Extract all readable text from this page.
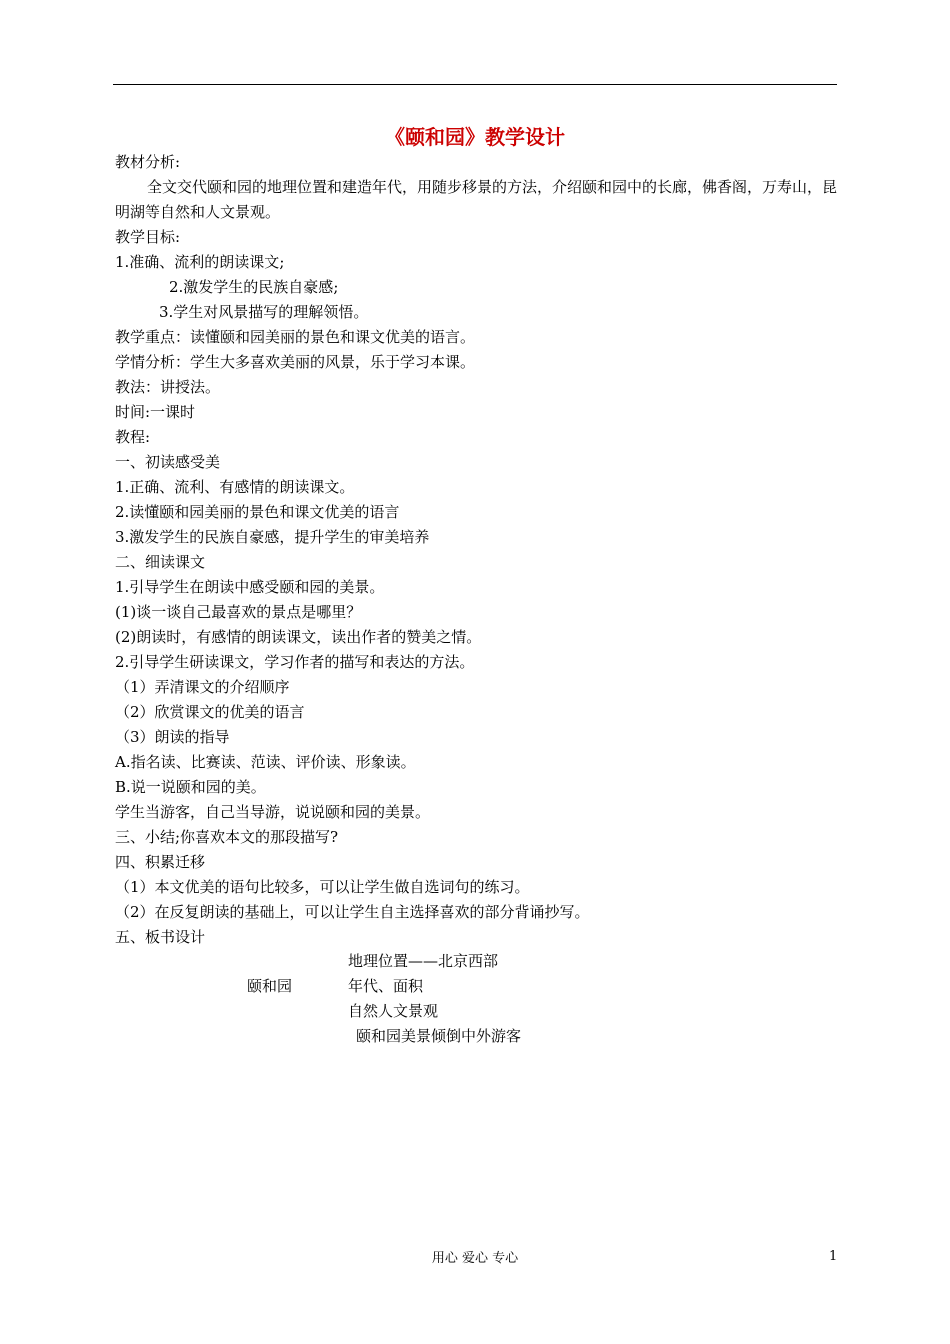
《颐和园》教学设计

教材分析:

全文交代颐和园的地理位置和建造年代，用随步移景的方法，介绍颐和园中的长廊，佛香阁，万寿山，昆明湖等自然和人文景观。

教学目标:

1.准确、流利的朗读课文;

2.激发学生的民族自豪感;

3.学生对风景描写的理解领悟。

教学重点：读懂颐和园美丽的景色和课文优美的语言。

学情分析：学生大多喜欢美丽的风景，乐于学习本课。

教法：讲授法。

时间:一课时

教程:

一、初读感受美

1.正确、流利、有感情的朗读课文。

2.读懂颐和园美丽的景色和课文优美的语言

3.激发学生的民族自豪感，提升学生的审美培养

二、细读课文

1.引导学生在朗读中感受颐和园的美景。

(1)谈一谈自己最喜欢的景点是哪里？

(2)朗读时，有感情的朗读课文，读出作者的赞美之情。

2.引导学生研读课文，学习作者的描写和表达的方法。

（1）弄清课文的介绍顺序

（2）欣赏课文的优美的语言

（3）朗读的指导

A.指名读、比赛读、范读、评价读、形象读。

B.说一说颐和园的美。

学生当游客，自己当导游，说说颐和园的美景。

三、小结;你喜欢本文的那段描写?

四、积累迁移

（1）本文优美的语句比较多，可以让学生做自选词句的练习。

（2）在反复朗读的基础上，可以让学生自主选择喜欢的部分背诵抄写。

五、板书设计

颐和园
地理位置——北京西部
年代、面积
自然人文景观
颐和园美景倾倒中外游客
用心 爱心 专心	1
